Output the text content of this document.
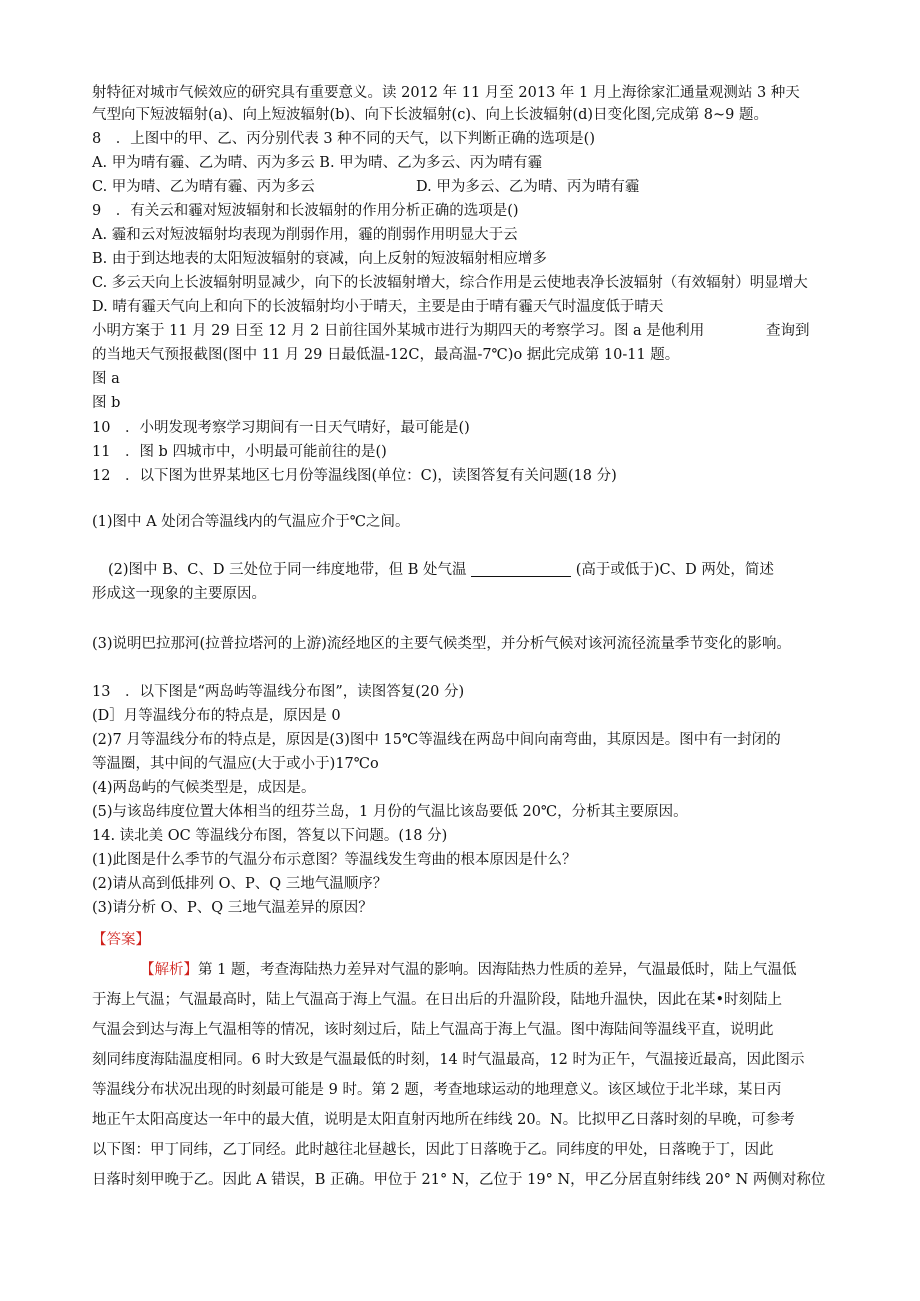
射特征对城市气候效应的研究具有重要意义。读 2012 年 11 月至 2013 年 1 月上海徐家汇通量观测站 3 种天
气型向下短波辐射(a)、向上短波辐射(b)、向下长波辐射(c)、向上长波辐射(d)日变化图,完成第 8~9 题。
8　．上图中的甲、乙、丙分别代表 3 种不同的天气，以下判断正确的选项是()
A. 甲为晴有霾、乙为晴、丙为多云 B. 甲为晴、乙为多云、丙为晴有霾
C. 甲为晴、乙为晴有霾、丙为多云	D. 甲为多云、乙为晴、丙为晴有霾
9　．有关云和霾对短波辐射和长波辐射的作用分析正确的选项是()
A. 霾和云对短波辐射均表现为削弱作用，霾的削弱作用明显大于云
B. 由于到达地表的太阳短波辐射的衰减，向上反射的短波辐射相应增多
C. 多云天向上长波辐射明显减少，向下的长波辐射增大，综合作用是云使地表净长波辐射（有效辐射）明显增大
D. 晴有霾天气向上和向下的长波辐射均小于晴天，主要是由于晴有霾天气时温度低于晴天
小明方案于 11 月 29 日至 12 月 2 日前往国外某城市进行为期四天的考察学习。图 a 是他利用	查询到
的当地天气预报截图(图中 11 月 29 日最低温-12C，最高温-7℃)o 据此完成第 10-11 题。
图 a
图 b
10　．小明发现考察学习期间有一日天气晴好，最可能是()
11　．图 b 四城市中，小明最可能前往的是()
12　．以下图为世界某地区七月份等温线图(单位：C)，读图答复有关问题(18 分)
(1)图中 A 处闭合等温线内的气温应介于℃之间。
(2)图中 B、C、D 三处位于同一纬度地带，但 B 处气温	(高于或低于)C、D 两处，简述
形成这一现象的主要原因。
(3)说明巴拉那河(拉普拉塔河的上游)流经地区的主要气候类型，并分析气候对该河流径流量季节变化的影响。
13　．以下图是“两岛屿等温线分布图”，读图答复(20 分)
(D］月等温线分布的特点是，原因是 0
(2)7 月等温线分布的特点是，原因是(3)图中 15℃等温线在两岛中间向南弯曲，其原因是。图中有一封闭的
等温圈，其中间的气温应(大于或小于)17℃o
(4)两岛屿的气候类型是，成因是。
(5)与该岛纬度位置大体相当的纽芬兰岛，1 月份的气温比该岛要低 20℃，分析其主要原因。
14. 读北美 OC 等温线分布图，答复以下问题。(18 分)
(1)此图是什么季节的气温分布示意图？等温线发生弯曲的根本原因是什么？
(2)请从高到低排列 O、P、Q 三地气温顺序？
(3)请分析 O、P、Q 三地气温差异的原因？
【答案】
【解析】第 1 题，考查海陆热力差异对气温的影响。因海陆热力性质的差异，气温最低时，陆上气温低
于海上气温；气温最高时，陆上气温高于海上气温。在日出后的升温阶段，陆地升温快，因此在某•时刻陆上
气温会到达与海上气温相等的情况，该时刻过后，陆上气温高于海上气温。图中海陆间等温线平直，说明此
刻同纬度海陆温度相同。6 时大致是气温最低的时刻，14 时气温最高，12 时为正午，气温接近最高，因此图示
等温线分布状况出现的时刻最可能是 9 时。第 2 题，考查地球运动的地理意义。该区域位于北半球，某日丙
地正午太阳高度达一年中的最大值，说明是太阳直射丙地所在纬线 20。N。比拟甲乙日落时刻的早晚，可参考
以下图：甲丁同纬，乙丁同经。此时越往北昼越长，因此丁日落晚于乙。同纬度的甲处，日落晚于丁，因此
日落时刻甲晚于乙。因此 A 错误，B 正确。甲位于 21° N，乙位于 19° N，甲乙分居直射纬线 20° N 两侧对称位
